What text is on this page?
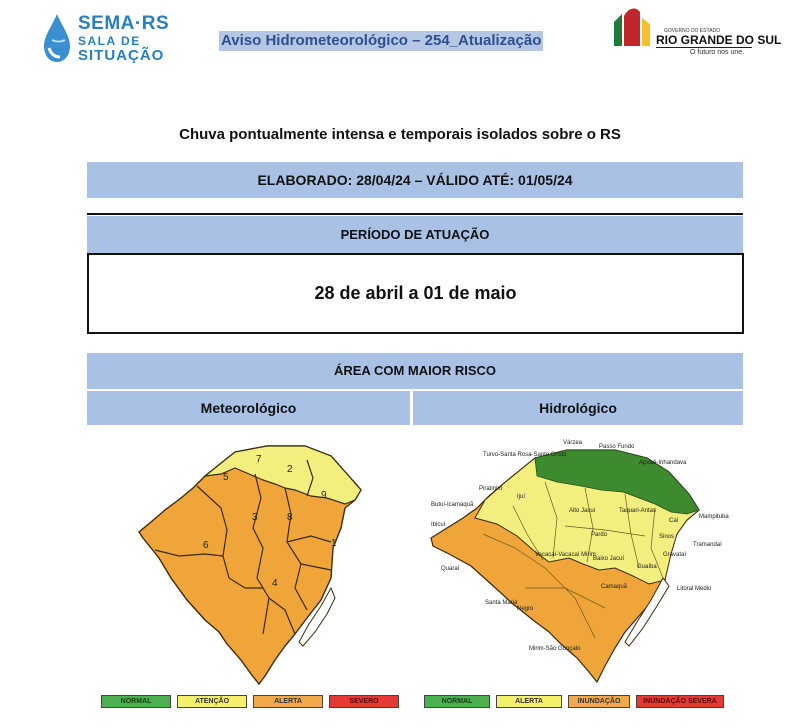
SEMA·RS
SALA DE
SITUAÇÃO
Aviso Hidrometeorológico – 254_Atualização
GOVERNO DO ESTADO
RIO GRANDE DO SUL
O futuro nos une.
Chuva pontualmente intensa e temporais isolados sobre o RS
ELABORADO: 28/04/24 – VÁLIDO ATÉ: 01/05/24
PERÍODO DE ATUAÇÃO
28 de abril a 01 de maio
ÁREA COM MAIOR RISCO
Meteorológico	Hidrológico
1
2
3
4
5
6
7
8
9
Várzea
Passo Fundo
Turvo-Santa Rosa-Santo Cristo
Apuaê-Inhandava
Piratinim
Butuí-Icamaquã
Ibicuí
Mampituba
Tramandaí
Quaraí
Camaquã	Litoral Médio
Santa Maria
Negro
Mirim-São Gonçalo
Caí
Taquari-Antas
Pardo
Baixo Jacuí
Alto Jacuí
Sinos
Gravataí
Vacacaí-Vacacaí Mirim
Ijuí
Guaíba
NORMAL	ATENÇÃO	ALERTA	SEVERO	NORMAL	ALERTA	INUNDAÇÃO	INUNDAÇÃO SEVERA
